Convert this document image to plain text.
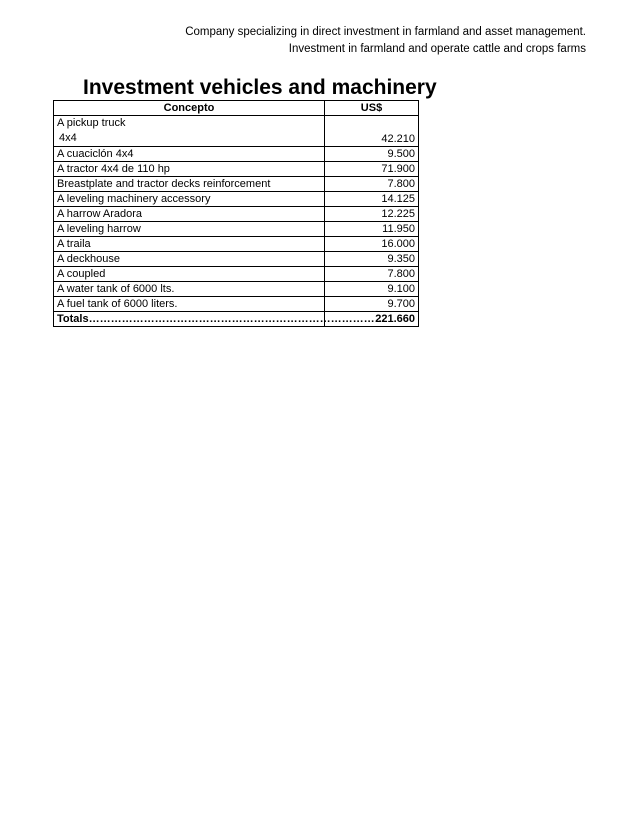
Company specializing in direct investment in farmland and asset management.
Investment in farmland and operate cattle and crops farms
Investment vehicles and machinery
Concepto	US$

A pickup truck
4x4	42.210
A cuaciclón 4x4	9.500
A tractor 4x4 de 110 hp	71.900
Breastplate and tractor decks reinforcement	7.800
A leveling machinery accessory	14.125
A harrow Aradora	12.225
A leveling harrow	11.950
A traila	16.000
A deckhouse	9.350
A coupled	7.800
A water tank of 6000 lts.	9.100
A fuel tank of 6000 liters.	9.700
Totals………………………………………………………………………	221.660
